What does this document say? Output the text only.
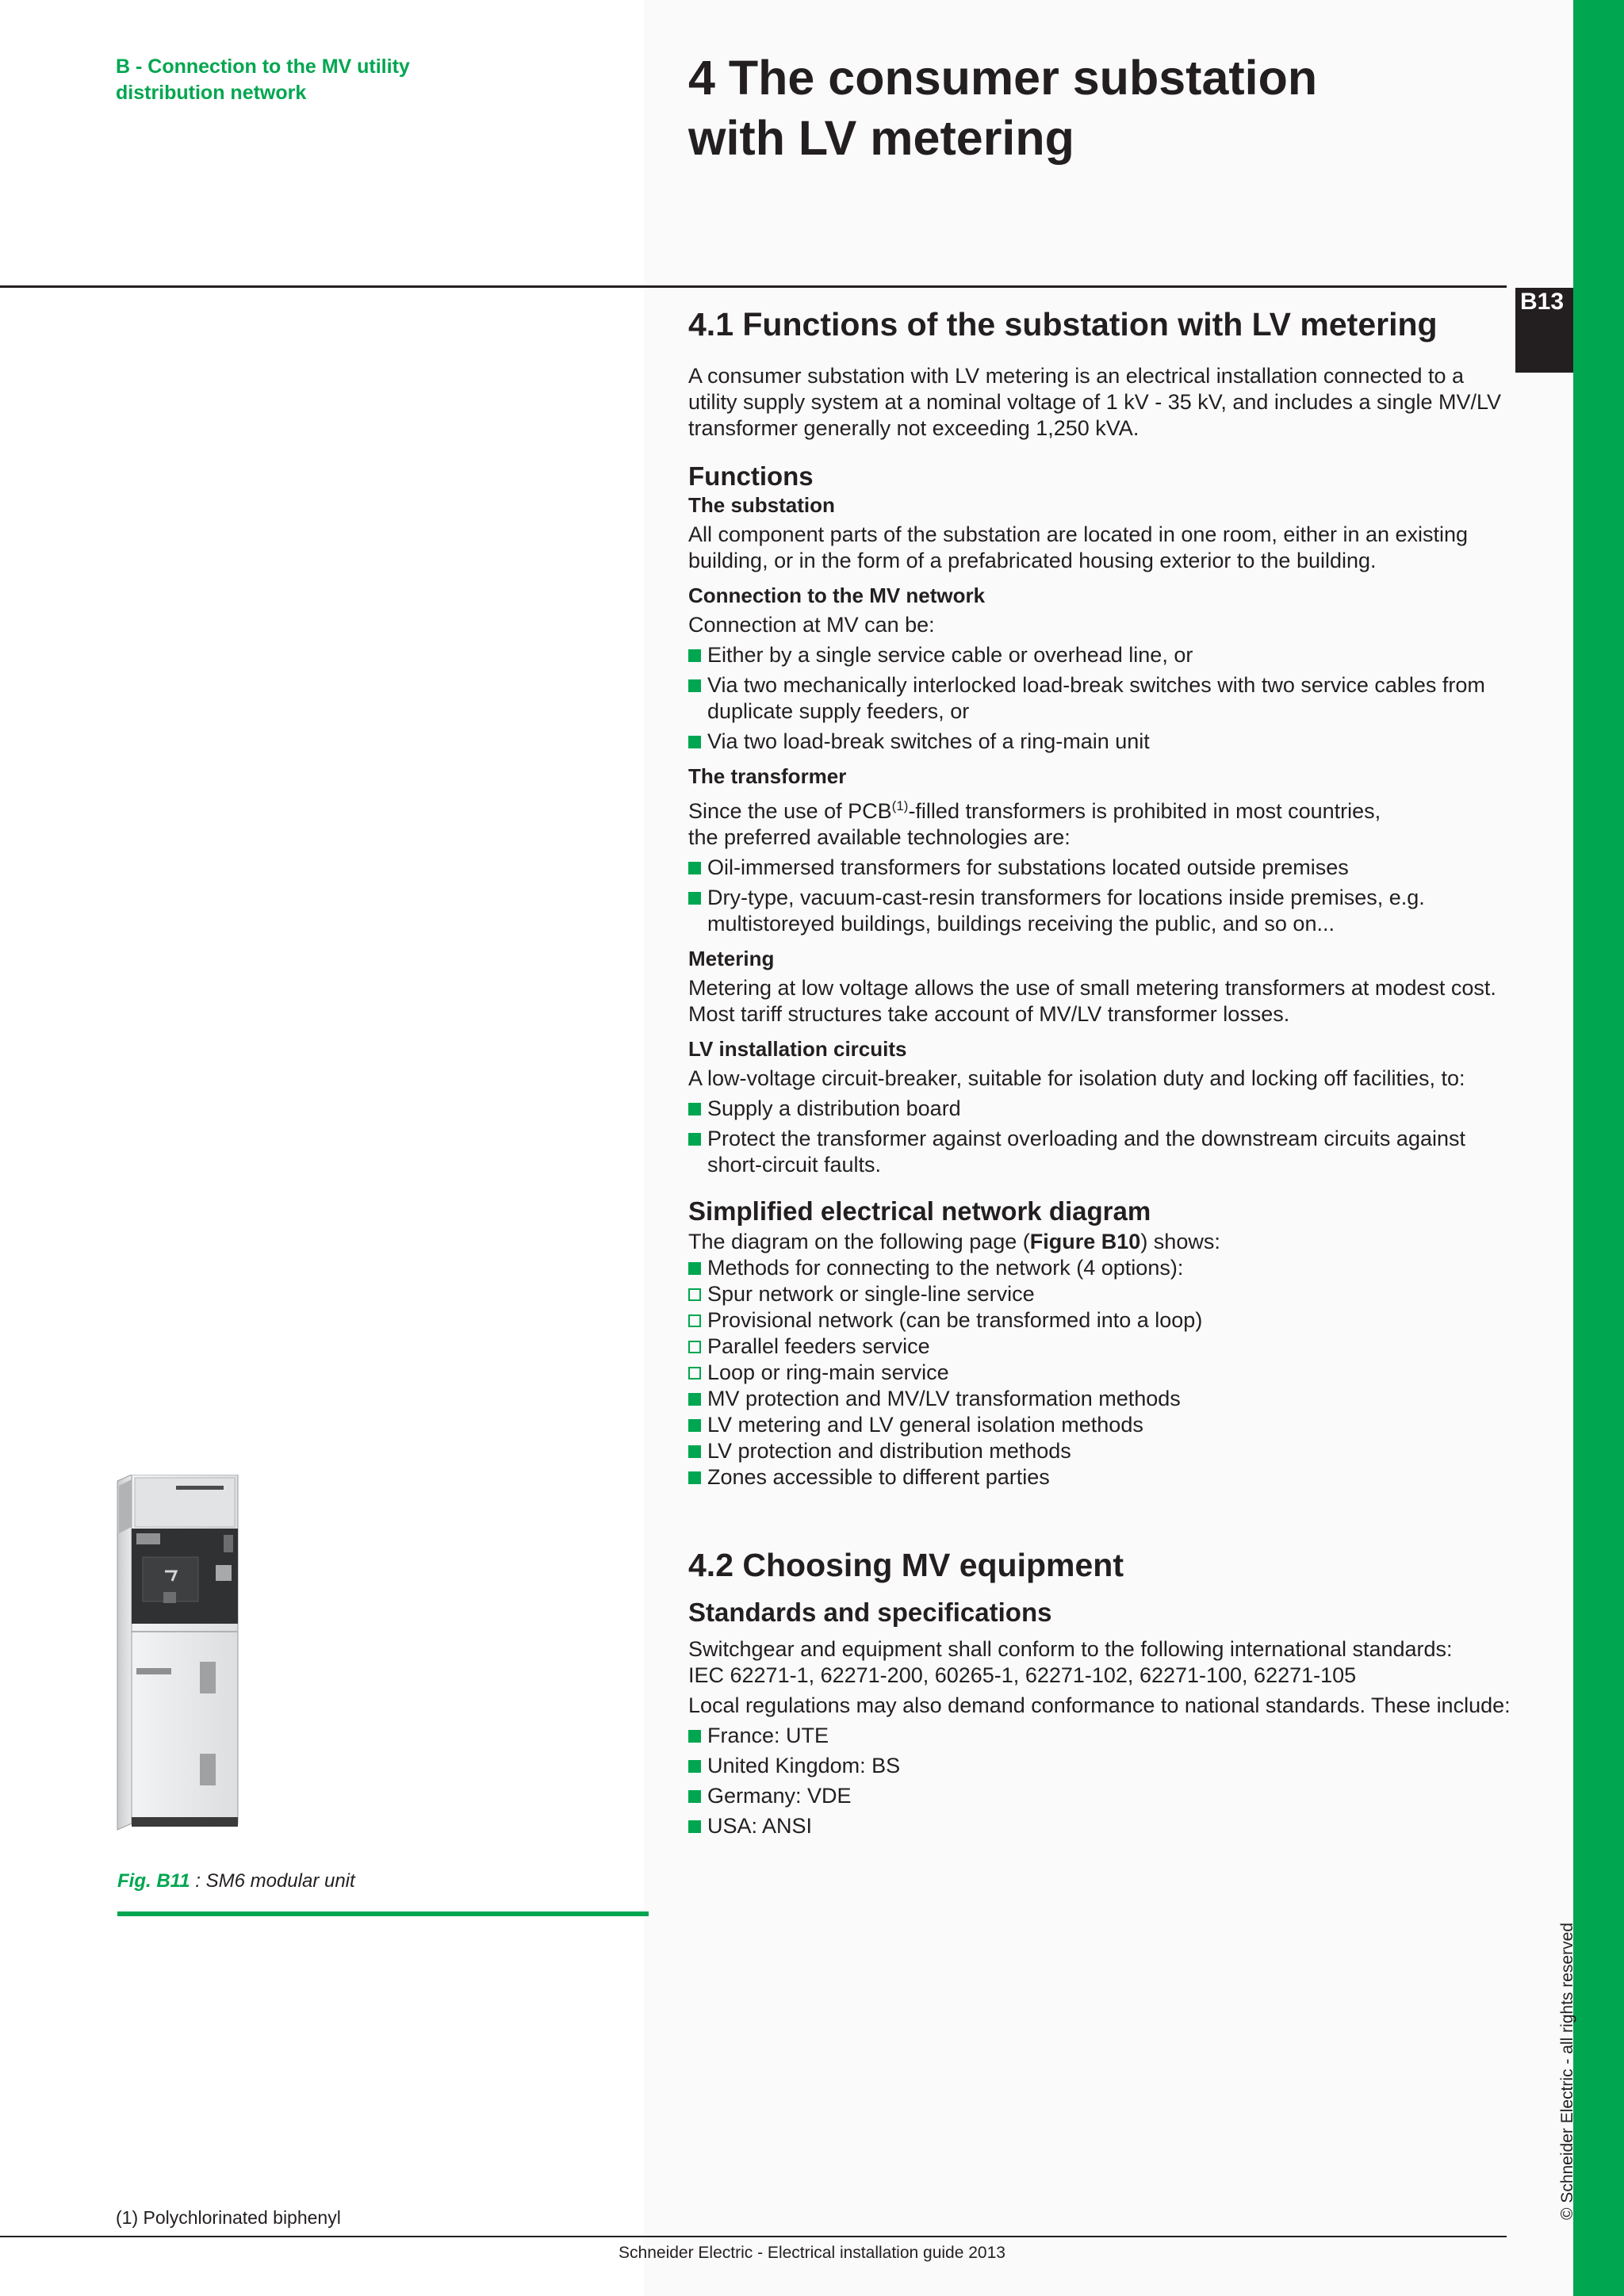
B - Connection to the MV utility
distribution network	4 The consumer substation
with LV metering
B13
4.1 Functions of the substation with LV metering

A consumer substation with LV metering is an electrical installation connected to a utility supply system at a nominal voltage of 1 kV - 35 kV, and includes a single MV/LV transformer generally not exceeding 1,250 kVA.

Functions
The substation

All component parts of the substation are located in one room, either in an existing building, or in the form of a prefabricated housing exterior to the building.

Connection to the MV network

Connection at MV can be:

Either by a single service cable or overhead line, or

Via two mechanically interlocked load-break switches with two service cables from duplicate supply feeders, or

Via two load-break switches of a ring-main unit

The transformer

Since the use of PCB$^{(1)}$-filled transformers is prohibited in most countries,
the preferred available technologies are:

Oil-immersed transformers for substations located outside premises

Dry-type, vacuum-cast-resin transformers for locations inside premises, e.g. multistoreyed buildings, buildings receiving the public, and so on...

Metering

Metering at low voltage allows the use of small metering transformers at modest cost. Most tariff structures take account of MV/LV transformer losses.

LV installation circuits

A low-voltage circuit-breaker, suitable for isolation duty and locking off facilities, to:

Supply a distribution board

Protect the transformer against overloading and the downstream circuits against short-circuit faults.

Simplified electrical network diagram

The diagram on the following page (Figure B10) shows:

Methods for connecting to the network (4 options):

Spur network or single-line service

Provisional network (can be transformed into a loop)

Parallel feeders service

Loop or ring-main service

MV protection and MV/LV transformation methods

LV metering and LV general isolation methods

LV protection and distribution methods

Zones accessible to different parties

4.2 Choosing MV equipment
Standards and specifications

Switchgear and equipment shall conform to the following international standards:
IEC 62271-1, 62271-200, 60265-1, 62271-102, 62271-100, 62271-105

Local regulations may also demand conformance to national standards. These include:

France: UTE

United Kingdom: BS

Germany: VDE

USA: ANSI

Fig. B11 : SM6 modular unit
(1) Polychlorinated biphenyl
Schneider Electric - Electrical installation guide 2013
© Schneider Electric - all rights reserved
